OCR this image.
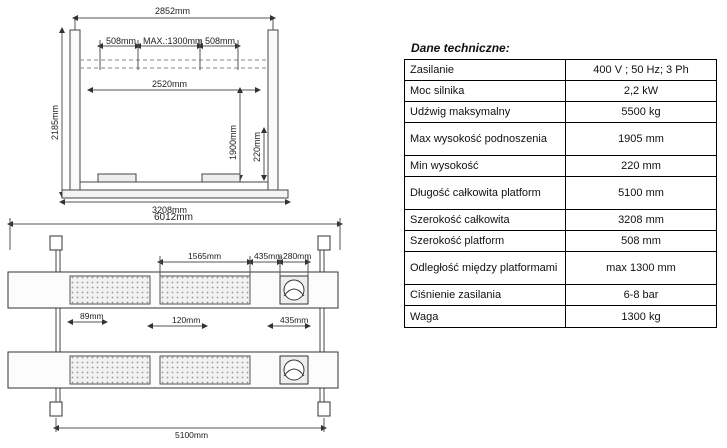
2852mm
508mm MAX.:1300mm 508mm
2520mm
3208mm
2185mm
1900mm 220mm
6012mm
1565mm	435mm 280mm
89mm	120mm	435mm
5100mm

Dane techniczne:

Zasilanie	400 V ; 50 Hz; 3 Ph
Moc silnika	2,2 kW
Udźwig maksymalny	5500 kg
Max wysokość podnoszenia	1905 mm
Min wysokość	220 mm
Długość całkowita platform	5100 mm
Szerokość całkowita	3208 mm
Szerokość platform	508 mm
Odległość między platformami	max 1300 mm
Ciśnienie zasilania	6-8 bar
Waga	1300 kg
